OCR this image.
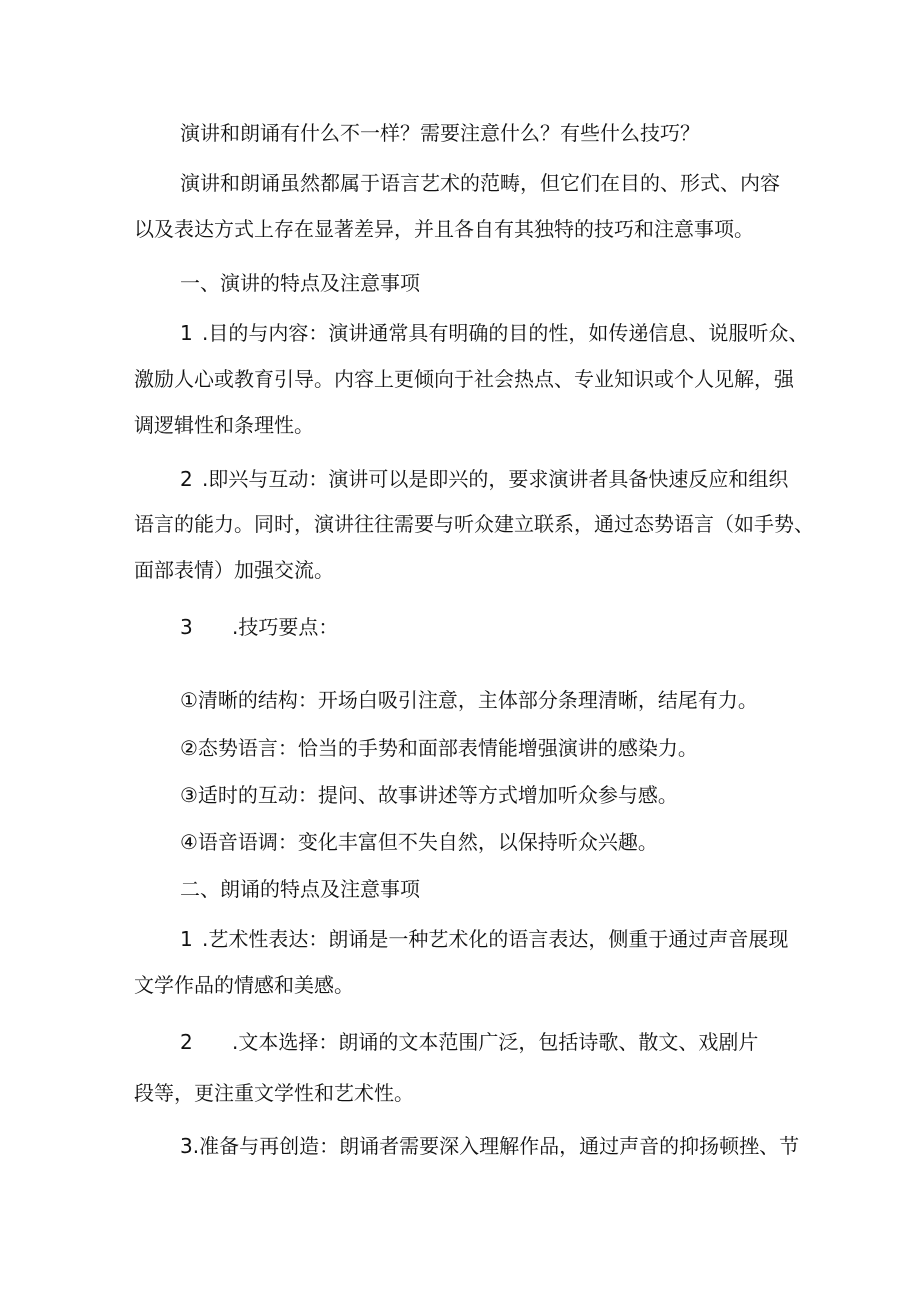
演讲和朗诵有什么不一样？需要注意什么？有些什么技巧？
演讲和朗诵虽然都属于语言艺术的范畴，但它们在目的、形式、内容
以及表达方式上存在显著差异，并且各自有其独特的技巧和注意事项。
一、演讲的特点及注意事项
1 .目的与内容：演讲通常具有明确的目的性，如传递信息、说服听众、
激励人心或教育引导。内容上更倾向于社会热点、专业知识或个人见解，强
调逻辑性和条理性。
2 .即兴与互动：演讲可以是即兴的，要求演讲者具备快速反应和组织
语言的能力。同时，演讲往往需要与听众建立联系，通过态势语言（如手势、
面部表情）加强交流。
3 .技巧要点：
①清晰的结构：开场白吸引注意，主体部分条理清晰，结尾有力。
②态势语言：恰当的手势和面部表情能增强演讲的感染力。
③适时的互动：提问、故事讲述等方式增加听众参与感。
④语音语调：变化丰富但不失自然，以保持听众兴趣。
二、朗诵的特点及注意事项
1 .艺术性表达：朗诵是一种艺术化的语言表达，侧重于通过声音展现
文学作品的情感和美感。
2 .文本选择：朗诵的文本范围广泛，包括诗歌、散文、戏剧片
段等，更注重文学性和艺术性。
3.准备与再创造：朗诵者需要深入理解作品，通过声音的抑扬顿挫、节
